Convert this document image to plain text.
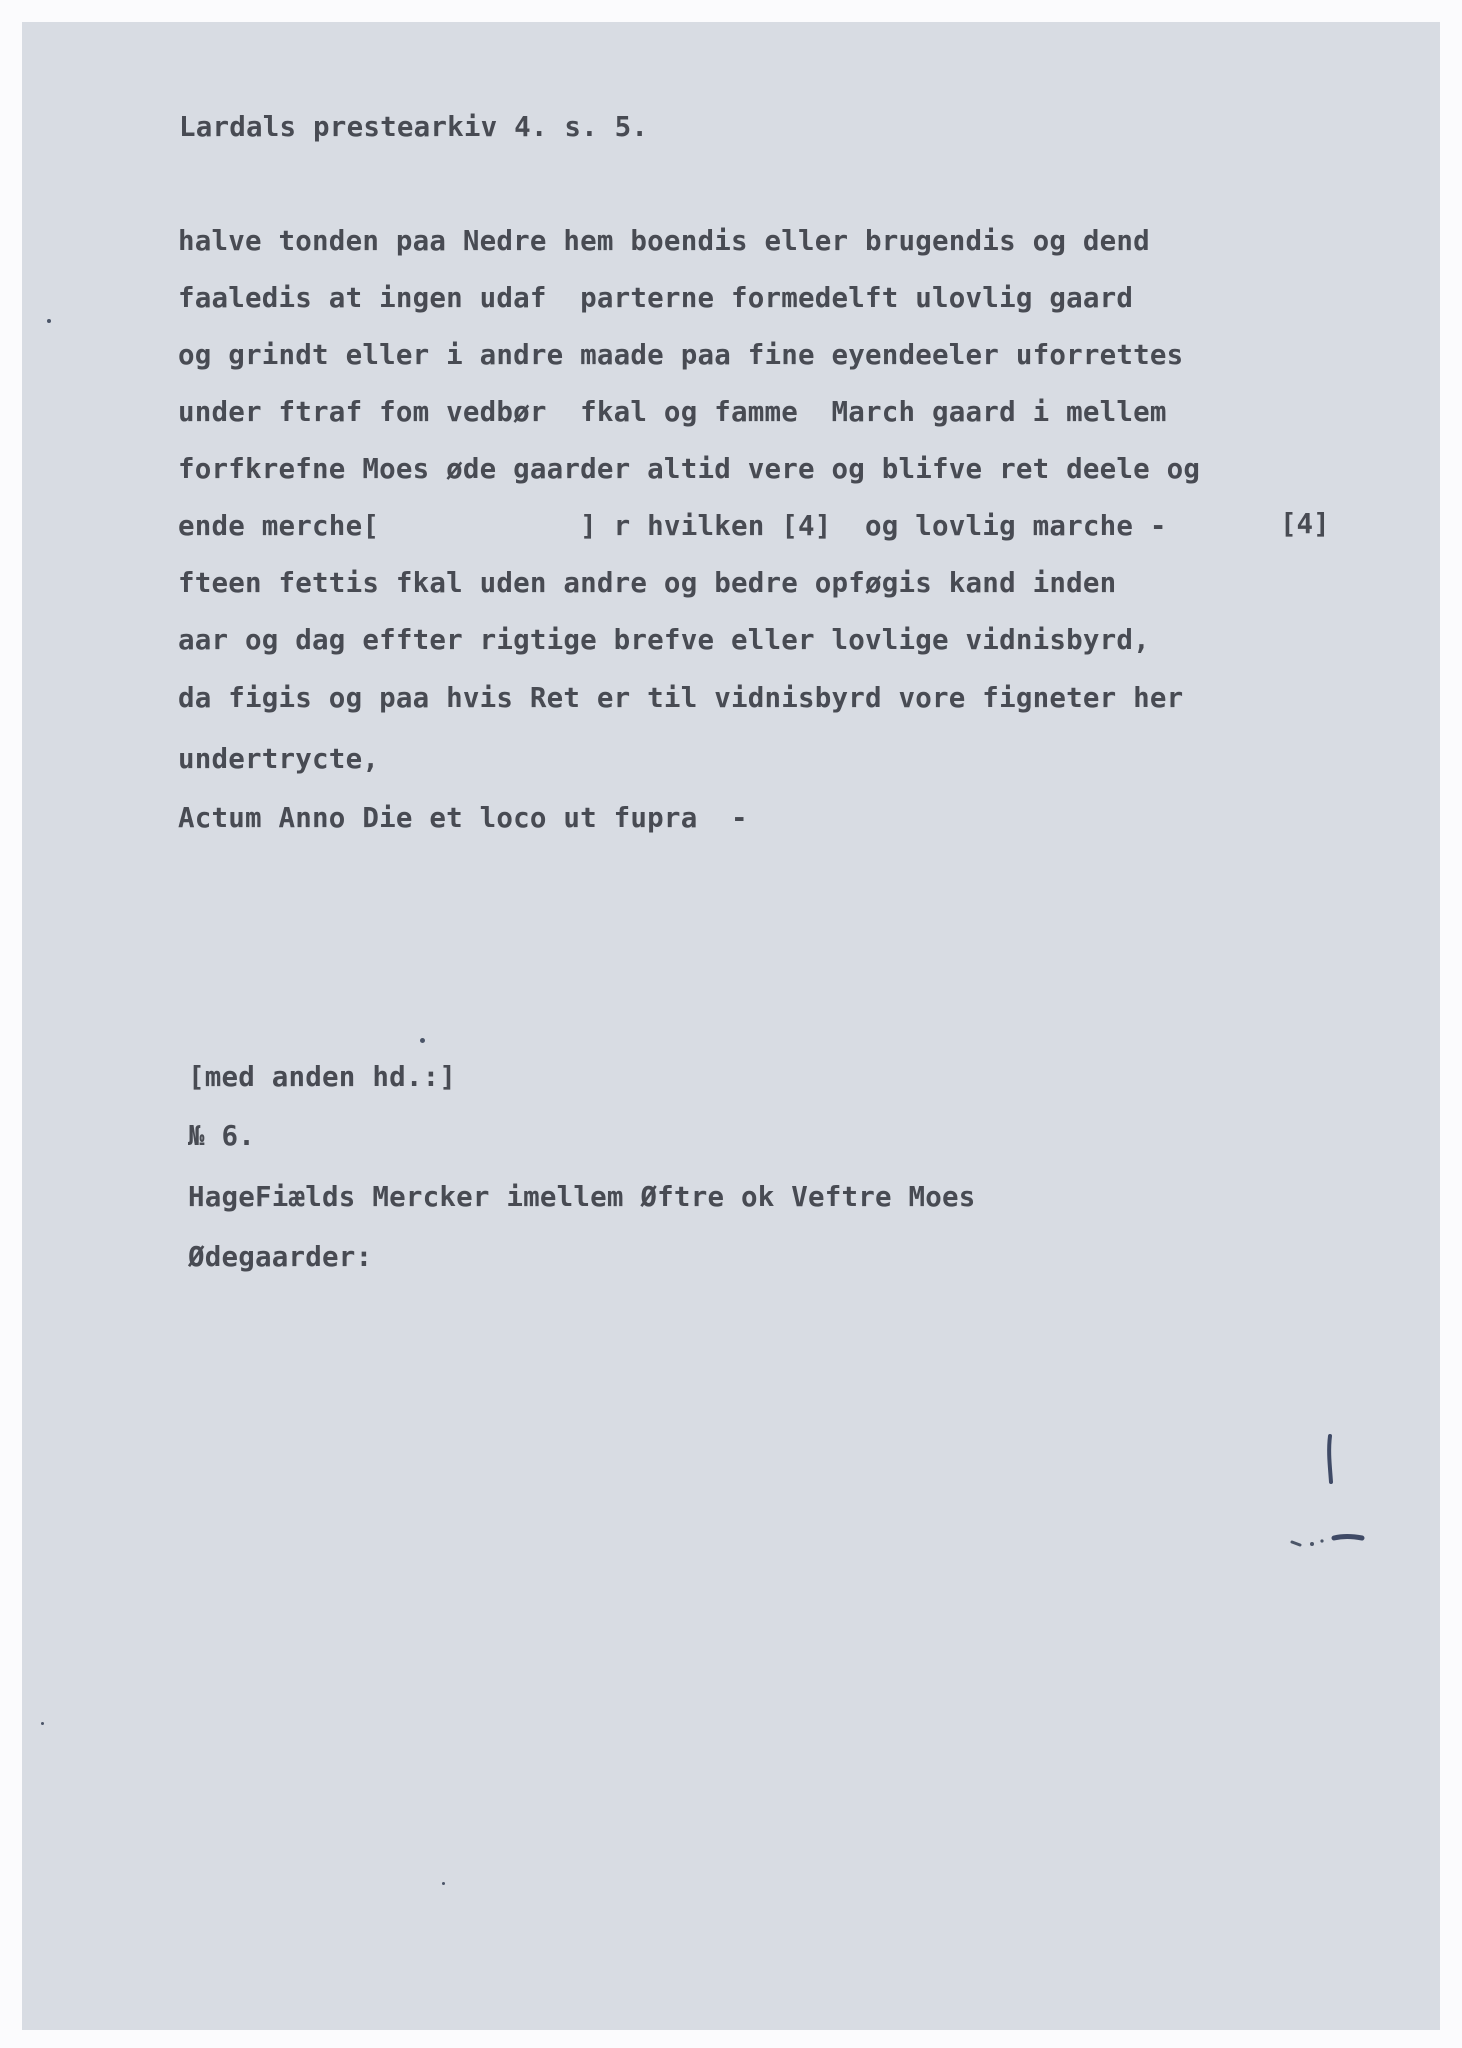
Lardals prestearkiv 4. s. 5.
halve tonden paa Nedre hem boendis eller brugendis og dend
faaledis at ingen udaf  parterne formedelft ulovlig gaard
og grindt eller i andre maade paa fine eyendeeler uforrettes
under ftraf fom vedbør  fkal og famme  March gaard i mellem
forfkrefne Moes øde gaarder altid vere og blifve ret deele og
ende merche[            ] r hvilken [4]  og lovlig marche -
fteen fettis fkal uden andre og bedre opføgis kand inden
aar og dag effter rigtige brefve eller lovlige vidnisbyrd,
da figis og paa hvis Ret er til vidnisbyrd vore figneter her
undertrycte,
Actum Anno Die et loco ut fupra  -
[4]
[med anden hd.:]
№ 6.
HageFiælds Mercker imellem Øftre ok Veftre Moes
Ødegaarder:
